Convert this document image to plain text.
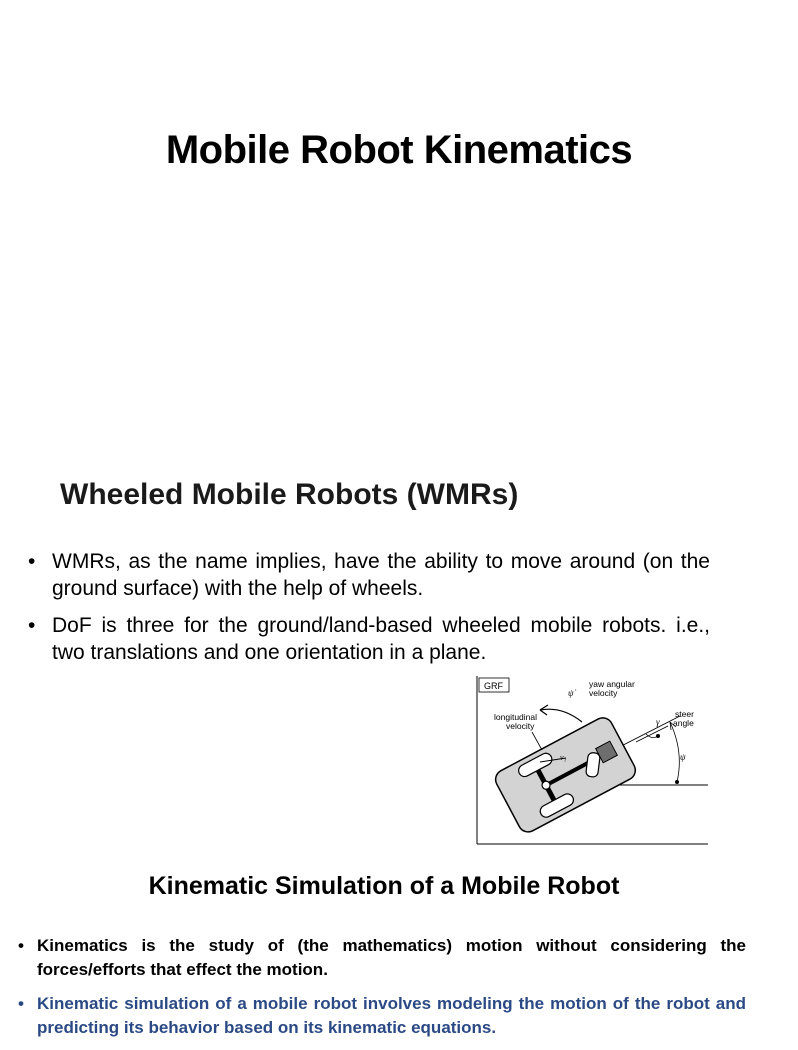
Mobile Robot Kinematics
Wheeled Mobile Robots (WMRs)
• WMRs, as the name implies, have the ability to move around (on the ground surface) with the help of wheels.
• DoF is three for the ground/land-based wheeled mobile robots. i.e., two translations and one orientation in a plane.
GRF
v₁
ψ̇
yaw angular
velocity
longitudinal
velocity
steer
angle
γ
ψ
Kinematic Simulation of a Mobile Robot
• Kinematics is the study of (the mathematics) motion without considering the forces/efforts that effect the motion.
• Kinematic simulation of a mobile robot involves modeling the motion of the robot and predicting its behavior based on its kinematic equations.
